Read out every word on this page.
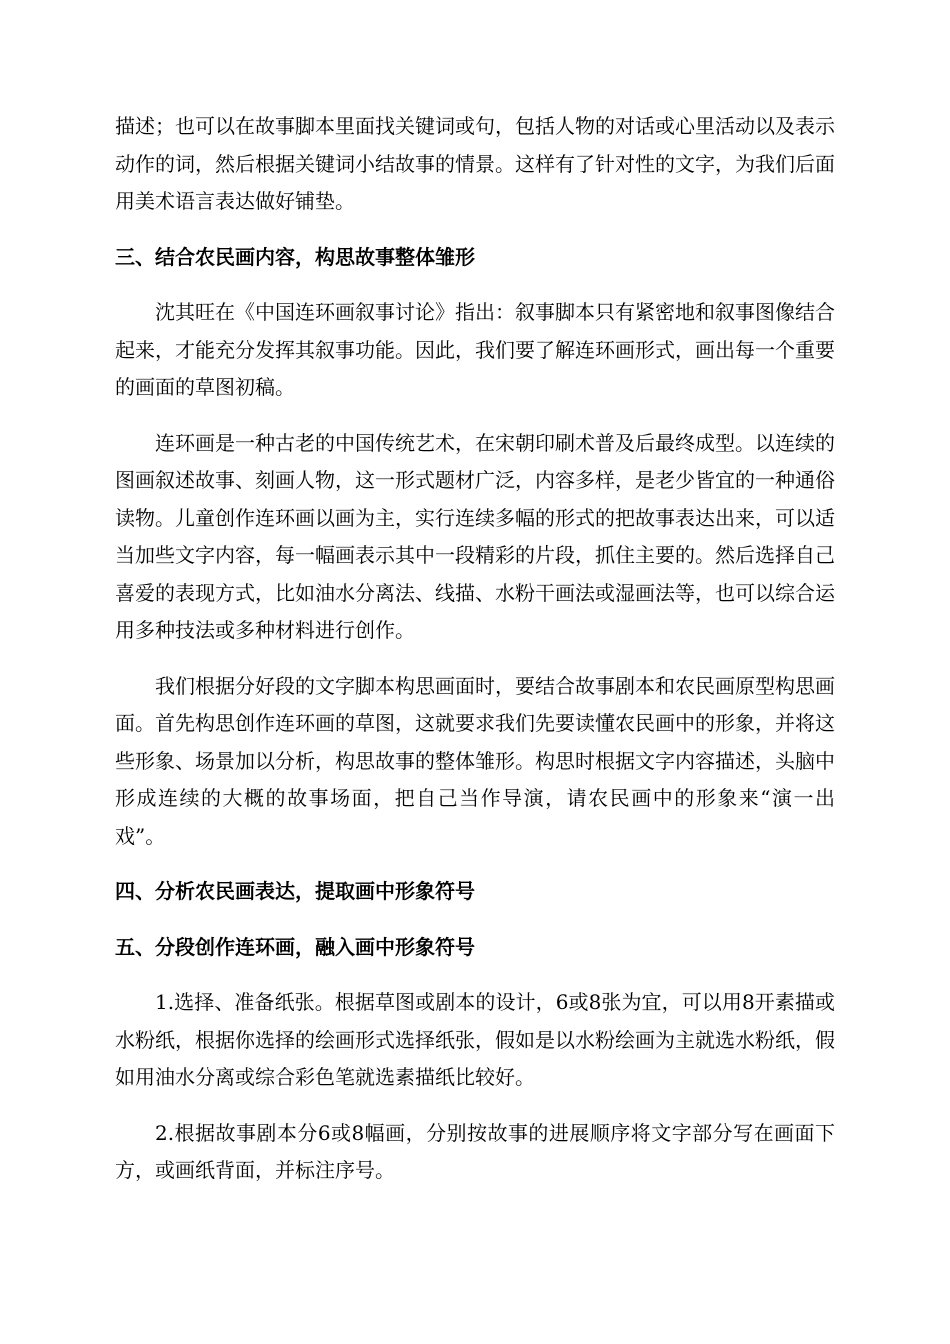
描述；也可以在故事脚本里面找关键词或句，包括人物的对话或心里活动以及表示动作的词，然后根据关键词小结故事的情景。这样有了针对性的文字，为我们后面用美术语言表达做好铺垫。

三、结合农民画内容，构思故事整体雏形

沈其旺在《中国连环画叙事讨论》指出：叙事脚本只有紧密地和叙事图像结合起来，才能充分发挥其叙事功能。因此，我们要了解连环画形式，画出每一个重要的画面的草图初稿。

连环画是一种古老的中国传统艺术，在宋朝印刷术普及后最终成型。以连续的图画叙述故事、刻画人物，这一形式题材广泛，内容多样，是老少皆宜的一种通俗读物。儿童创作连环画以画为主，实行连续多幅的形式的把故事表达出来，可以适当加些文字内容，每一幅画表示其中一段精彩的片段，抓住主要的。然后选择自己喜爱的表现方式，比如油水分离法、线描、水粉干画法或湿画法等，也可以综合运用多种技法或多种材料进行创作。

我们根据分好段的文字脚本构思画面时，要结合故事剧本和农民画原型构思画面。首先构思创作连环画的草图，这就要求我们先要读懂农民画中的形象，并将这些形象、场景加以分析，构思故事的整体雏形。构思时根据文字内容描述，头脑中形成连续的大概的故事场面，把自己当作导演，请农民画中的形象来“演一出戏”。

四、分析农民画表达，提取画中形象符号
五、分段创作连环画，融入画中形象符号

1.选择、准备纸张。根据草图或剧本的设计，6或8张为宜，可以用8开素描或水粉纸，根据你选择的绘画形式选择纸张，假如是以水粉绘画为主就选水粉纸，假如用油水分离或综合彩色笔就选素描纸比较好。

2.根据故事剧本分6或8幅画，分别按故事的进展顺序将文字部分写在画面下方，或画纸背面，并标注序号。
